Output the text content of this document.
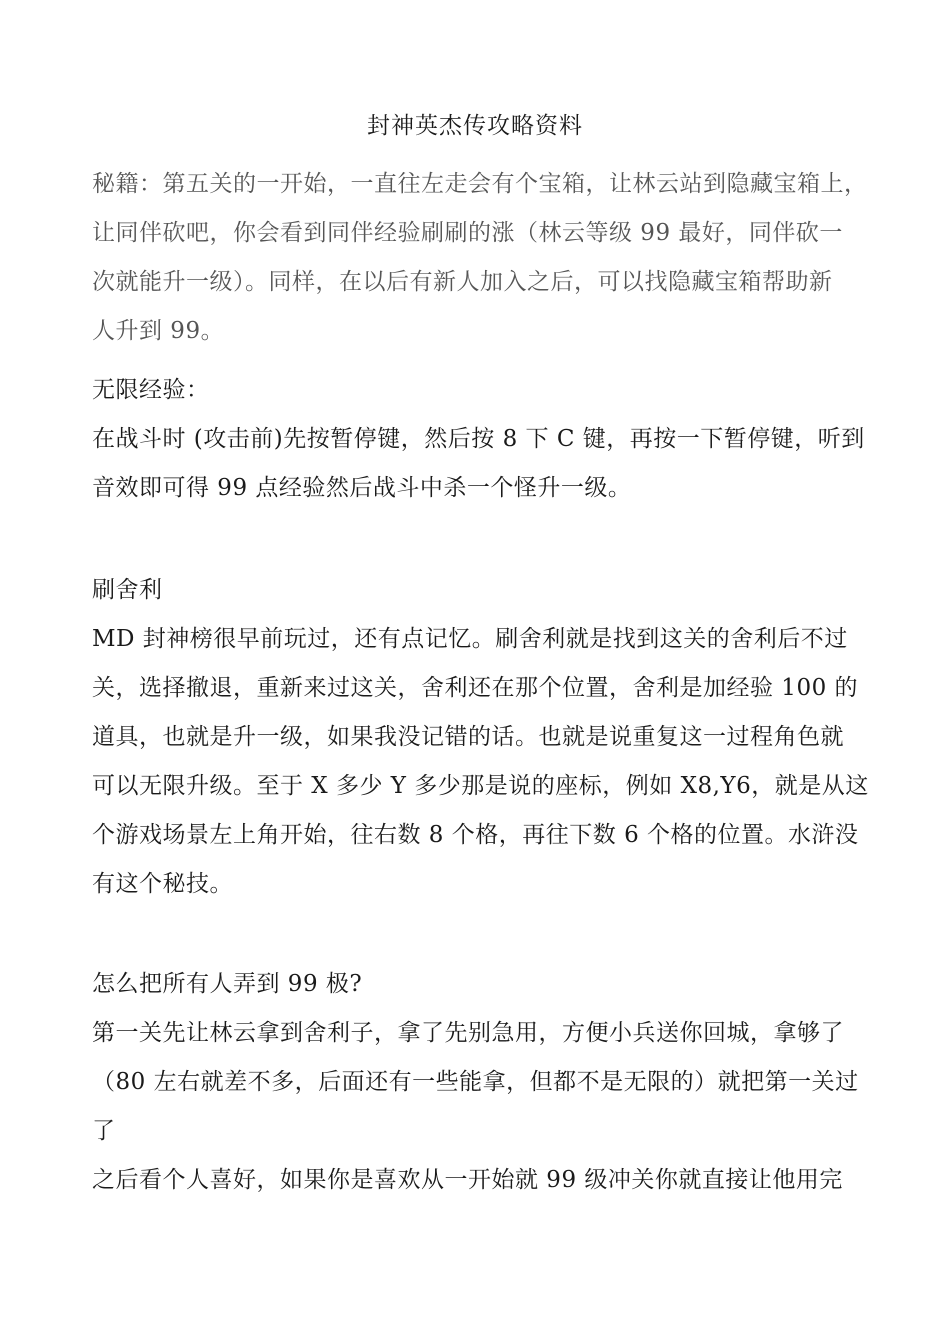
封神英杰传攻略资料
秘籍：第五关的一开始，一直往左走会有个宝箱，让林云站到隐藏宝箱上，
让同伴砍吧，你会看到同伴经验刷刷的涨（林云等级 99 最好，同伴砍一
次就能升一级）。同样，在以后有新人加入之后，可以找隐藏宝箱帮助新
人升到 99。
无限经验：
在战斗时 (攻击前)先按暂停键，然后按 8 下 C 键，再按一下暂停键，听到
音效即可得 99 点经验然后战斗中杀一个怪升一级。
刷舍利
MD 封神榜很早前玩过，还有点记忆。刷舍利就是找到这关的舍利后不过
关，选择撤退，重新来过这关，舍利还在那个位置，舍利是加经验 100 的
道具，也就是升一级，如果我没记错的话。也就是说重复这一过程角色就
可以无限升级。至于 X 多少 Y 多少那是说的座标，例如 X8,Y6，就是从这
个游戏场景左上角开始，往右数 8 个格，再往下数 6 个格的位置。水浒没
有这个秘技。
怎么把所有人弄到 99 极?
第一关先让林云拿到舍利子，拿了先别急用，方便小兵送你回城，拿够了
（80 左右就差不多，后面还有一些能拿，但都不是无限的）就把第一关过
了
之后看个人喜好，如果你是喜欢从一开始就 99 级冲关你就直接让他用完
